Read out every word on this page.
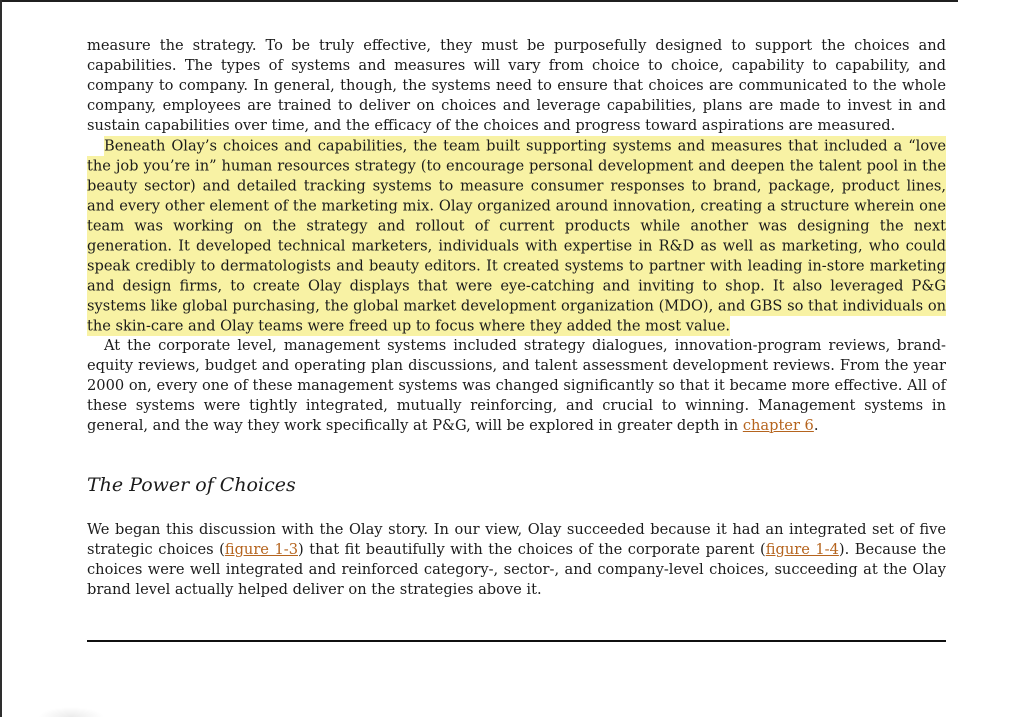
measure the strategy. To be truly effective, they must be purposefully designed to support the choices and capabilities. The types of systems and measures will vary from choice to choice, capability to capability, and company to company. In general, though, the systems need to ensure that choices are communicated to the whole company, employees are trained to deliver on choices and leverage capabilities, plans are made to invest in and sustain capabilities over time, and the efficacy of the choices and progress toward aspirations are measured.

Beneath Olay’s choices and capabilities, the team built supporting systems and measures that included a “love the job you’re in” human resources strategy (to encourage personal development and deepen the talent pool in the beauty sector) and detailed tracking systems to measure consumer responses to brand, package, product lines, and every other element of the marketing mix. Olay organized around innovation, creating a structure wherein one team was working on the strategy and rollout of current products while another was designing the next generation. It developed technical marketers, individuals with expertise in R&D as well as marketing, who could speak credibly to dermatologists and beauty editors. It created systems to partner with leading in-store marketing and design firms, to create Olay displays that were eye-catching and inviting to shop. It also leveraged P&G systems like global purchasing, the global market development organization (MDO), and GBS so that individuals on the skin-care and Olay teams were freed up to focus where they added the most value.

At the corporate level, management systems included strategy dialogues, innovation-program reviews, brand-equity reviews, budget and operating plan discussions, and talent assessment development reviews. From the year 2000 on, every one of these management systems was changed significantly so that it became more effective. All of these systems were tightly integrated, mutually reinforcing, and crucial to winning. Management systems in general, and the way they work specifically at P&G, will be explored in greater depth in chapter 6.

The Power of Choices

We began this discussion with the Olay story. In our view, Olay succeeded because it had an integrated set of five strategic choices (figure 1-3) that fit beautifully with the choices of the corporate parent (figure 1-4). Because the choices were well integrated and reinforced category-, sector-, and company-level choices, succeeding at the Olay brand level actually helped deliver on the strategies above it.
